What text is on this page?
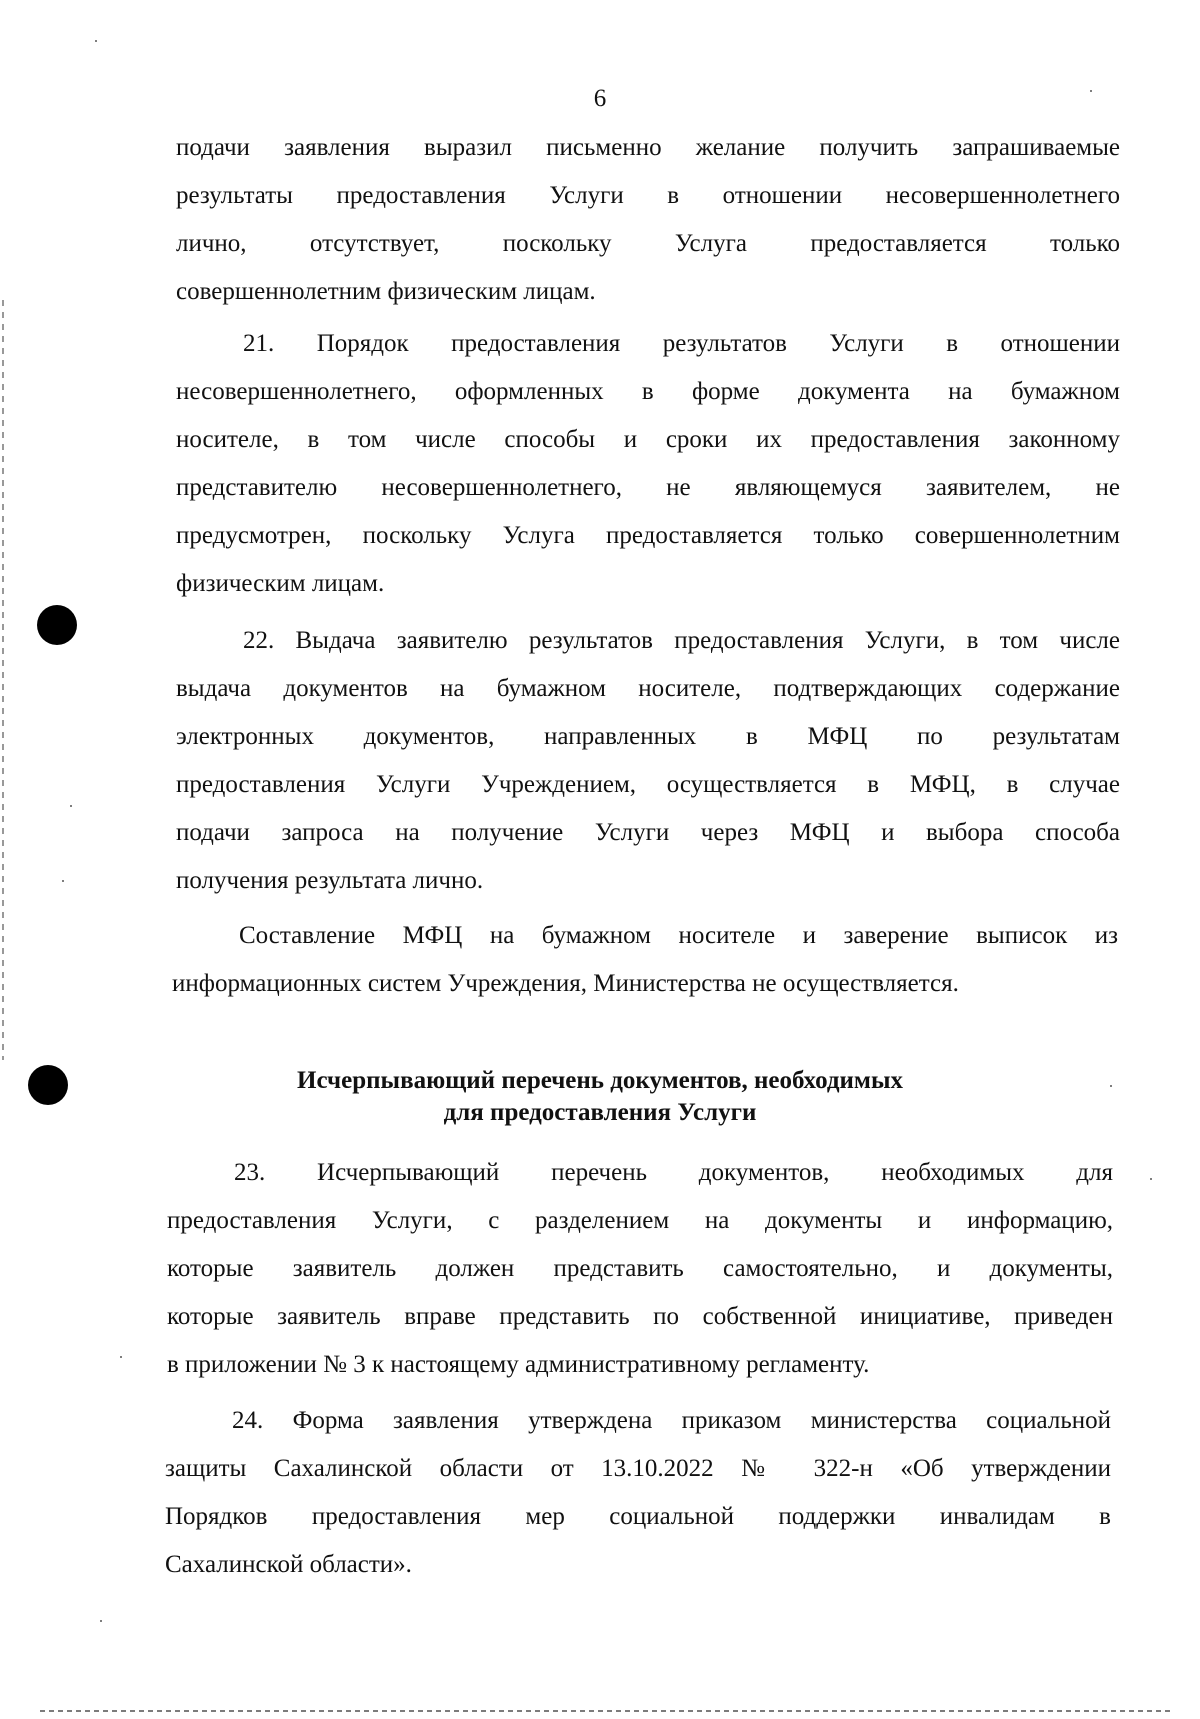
6
подачи заявления выразил письменно желание получить запрашиваемые
результаты предоставления Услуги в отношении несовершеннолетнего
лично, отсутствует, поскольку Услуга предоставляется только
совершеннолетним физическим лицам.
21. Порядок предоставления результатов Услуги в отношении
несовершеннолетнего, оформленных в форме документа на бумажном
носителе, в том числе способы и сроки их предоставления законному
представителю несовершеннолетнего, не являющемуся заявителем, не
предусмотрен, поскольку Услуга предоставляется только совершеннолетним
физическим лицам.
22. Выдача заявителю результатов предоставления Услуги, в том числе
выдача документов на бумажном носителе, подтверждающих содержание
электронных документов, направленных в МФЦ по результатам
предоставления Услуги Учреждением, осуществляется в МФЦ, в случае
подачи запроса на получение Услуги через МФЦ и выбора способа
получения результата лично.
Составление МФЦ на бумажном носителе и заверение выписок из
информационных систем Учреждения, Министерства не осуществляется.
Исчерпывающий перечень документов, необходимых
для предоставления Услуги
23. Исчерпывающий перечень документов, необходимых для
предоставления Услуги, с разделением на документы и информацию,
которые заявитель должен представить самостоятельно, и документы,
которые заявитель вправе представить по собственной инициативе, приведен
в приложении № 3 к настоящему административному регламенту.
24. Форма заявления утверждена приказом министерства социальной
защиты Сахалинской области от 13.10.2022 № 322-н «Об утверждении
Порядков предоставления мер социальной поддержки инвалидам в
Сахалинской области».
